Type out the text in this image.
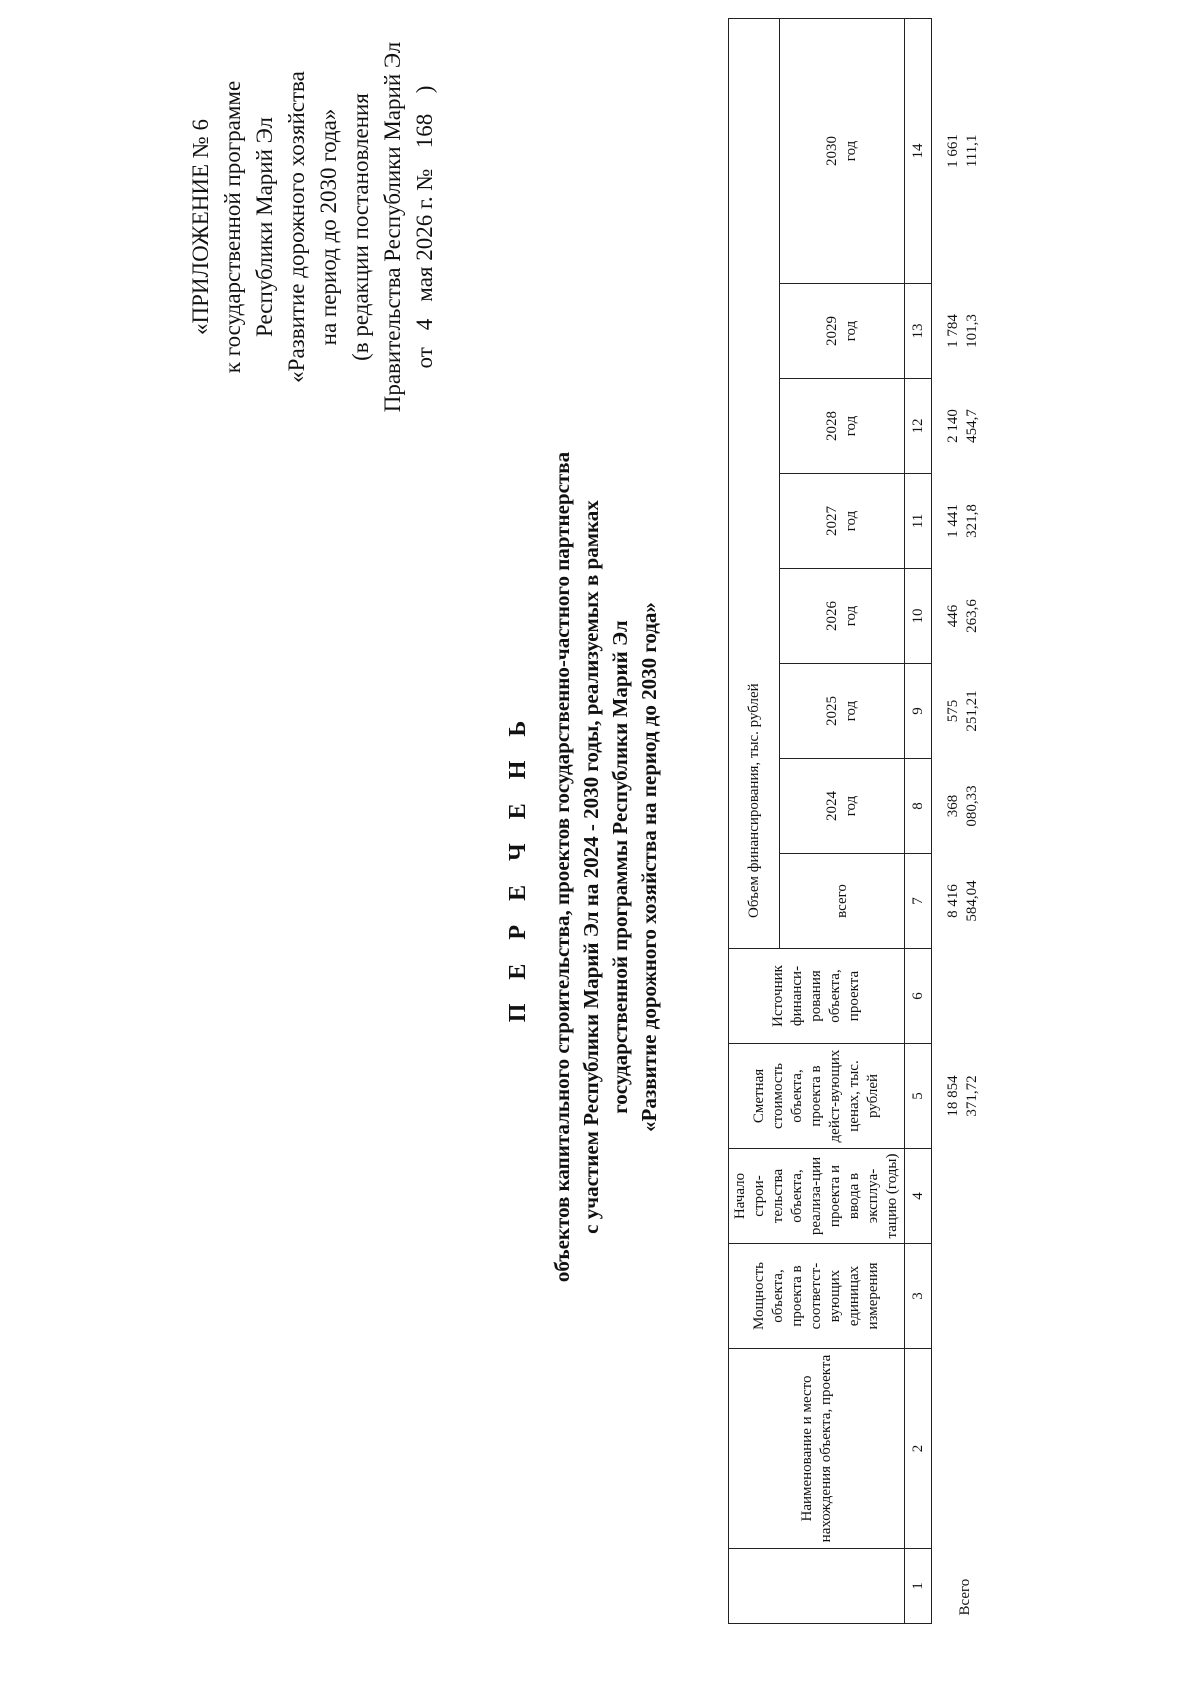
«ПРИЛОЖЕНИЕ № 6 к государственной программе Республики Марий Эл «Развитие дорожного хозяйства на период до 2030 года» (в редакции постановления Правительства Республики Марий Эл от 4 мая 2026 г. № 168 )
П Е Р Е Ч Е Н Ь объектов капитального строительства, проектов государственно-частного партнерства с участием Республики Марий Эл на 2024 - 2030 годы, реализуемых в рамках государственной программы Республики Марий Эл «Развитие дорожного хозяйства на период до 2030 года»
	Наименование и место нахождения объекта, проекта	Мощность объекта, проекта в соответст-вующих единицах измерения	Начало строи-тельства объекта, реализа-ции проекта и ввода в эксплуа-тацию (годы)	Сметная стоимость объекта, проекта в дейст-вующих ценах, тыс. рублей	Источник финанси-рования объекта, проекта	Объем финансирования, тыс. рублей							
						всего	2024 год	2025 год	2026 год	2027 год	2028 год	2029 год	2030 год

1	2	3	4	5	6	7	8	9	10	11	12	13	14
Всего				18 854 371,72		8 416 584,04	368 080,33	575 251,21	446 263,6	1 441 321,8	2 140 454,7	1 784 101,3	1 661 111,1
